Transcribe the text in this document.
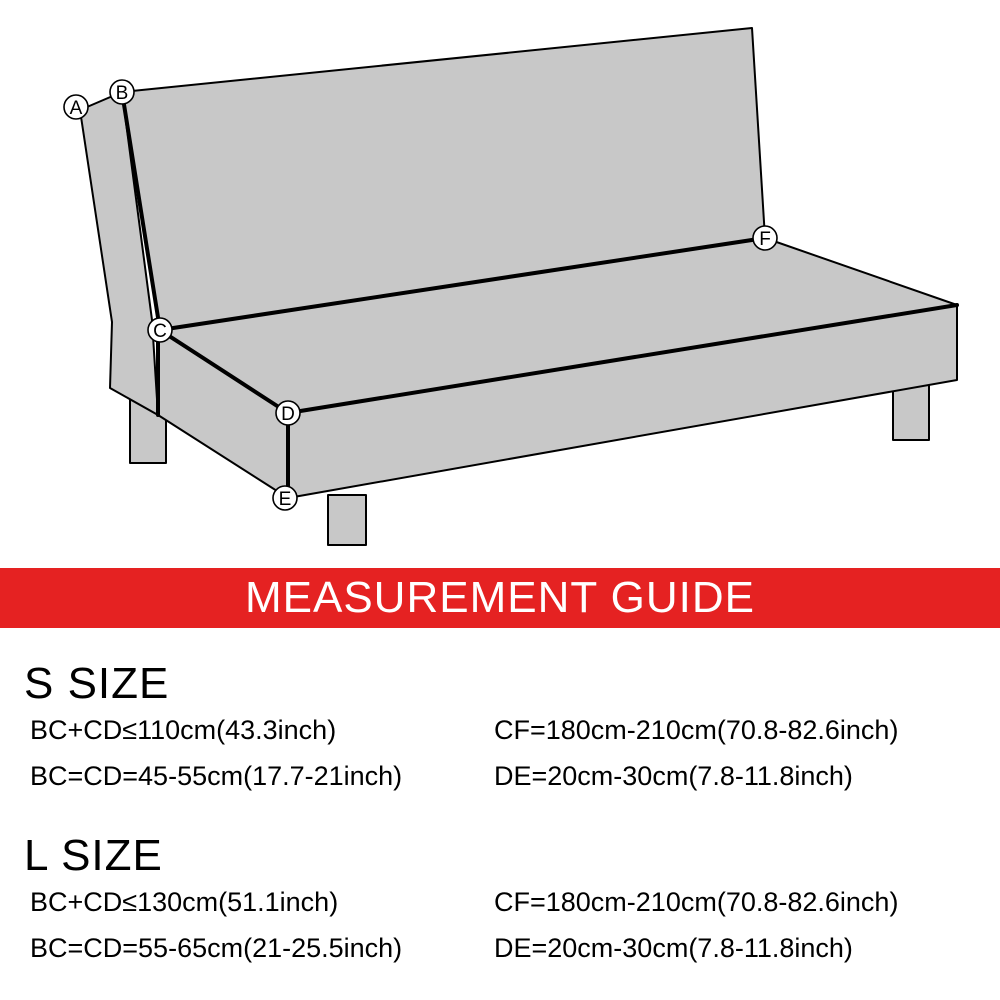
A
B
C
D
E
F
MEASUREMENT GUIDE
S SIZE
BC+CD≤110cm(43.3inch)	CF=180cm-210cm(70.8-82.6inch)
BC=CD=45-55cm(17.7-21inch)	DE=20cm-30cm(7.8-11.8inch)
L SIZE
BC+CD≤130cm(51.1inch)	CF=180cm-210cm(70.8-82.6inch)
BC=CD=55-65cm(21-25.5inch)	DE=20cm-30cm(7.8-11.8inch)
